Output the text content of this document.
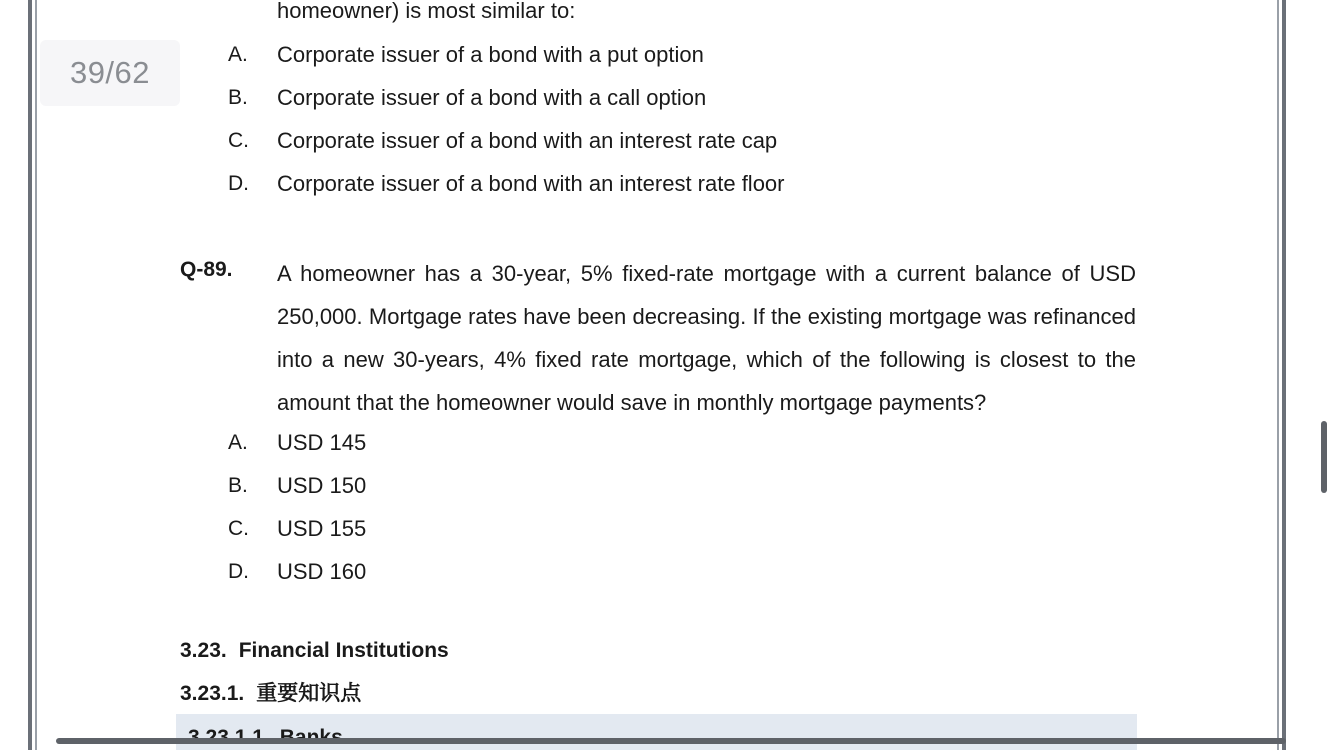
homeowner) is most similar to:
A. Corporate issuer of a bond with a put option
B. Corporate issuer of a bond with a call option
C. Corporate issuer of a bond with an interest rate cap
D. Corporate issuer of a bond with an interest rate floor
Q-89. A homeowner has a 30-year, 5% fixed-rate mortgage with a current balance of USD
250,000. Mortgage rates have been decreasing. If the existing mortgage was refinanced
into a new 30-years, 4% fixed rate mortgage, which of the following is closest to the
amount that the homeowner would save in monthly mortgage payments?
A. USD 145
B. USD 150
C. USD 155
D. USD 160
3.23. Financial Institutions
3.23.1. 重要知识点
39/62
